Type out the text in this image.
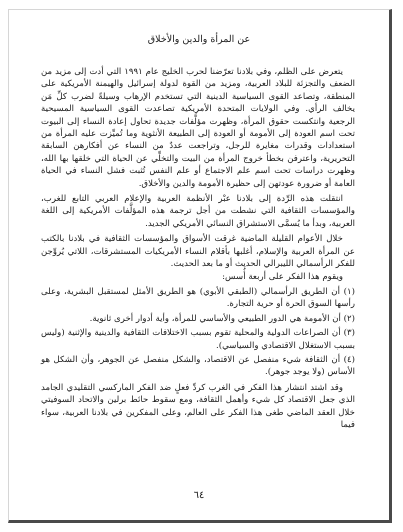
عن المرأة والدين والأخلاق

يتعرض على الظلم، وفي بلادنا تعرّضنا لحرب الخليج عام ١٩٩١ التي أدت إلى مزيد من الضعف والتجزئة للبلاد العربية، ومزيد من القوة لدولة إسرائيل والهيمنة الأمريكية على المنطقة، وتصاعد القوى السياسية الدينية التي تستخدم الإرهاب وسيلةً لضرب كلِّ مَن يخالف الرأي. وفي الولايات المتحدة الأمريكية تصاعدت القوى السياسية المسيحية الرجعية وانتكست حقوق المرأة، وظهرت مؤلَّفات جديدة تحاول إعادة النساء إلى البيوت تحت اسم العودة إلى الأمومة أو العودة إلى الطبيعة الأنثوية وما تُميِّزت عليه المرأة من استعدادات وقدرات مغايرة للرجل، وتراجعت عددٌ من النساء عن أفكارهن السابقة التحريرية، واعترفن بخطأ خروج المرأة من البيت والتخلِّي عن الحياة التي خلقها بها الله، وظهرت دراسات تحت اسم علم الاجتماع أو علم النفس تُثبت فشل النساء في الحياة العامة أو ضرورة عودتهن إلى حظيرة الأمومة والدين والأخلاق.

انتقلت هذه الرِّدة إلى بلادنا عبْر الأنظمة العربية والإعلام العربي التابع للغرب، والمؤسسات الثقافية التي نشطت من أجل ترجمة هذه المؤلَّفات الأمريكية إلى اللغة العربية، وبدأ ما يُسمَّى الاستشراق النسائي الأمريكي الجديد.

خلال الأعوام القليلة الماضية غرقت الأسواق والمؤسسات الثقافية في بلادنا بالكتب عن المرأة العربية والإسلام، أغلبها بأقلام النساء الأمريكيات المستشرقات، اللاتي يُروِّجن للفكر الرأسمالي الليبرالي الحديث أو ما بعد الحديث.

ويقوم هذا الفكر على أربعة أُسس:

(١) أن الطريق الرأسمالي (الطبقي الأبوي) هو الطريق الأمثل لمستقبل البشرية، وعلى رأسها السوق الحرة أو حرية التجارة.
(٢) أن الأمومة هي الدور الطبيعي والأساسي للمرأة، وأية أدوار أخرى ثانوية.
(٣) أن الصراعات الدولية والمحلية تقوم بسبب الاختلافات الثقافية والدينية والإثنية (وليس بسبب الاستغلال الاقتصادي والسياسي).
(٤) أن الثقافة شيء منفصل عن الاقتصاد، والشكل منفصل عن الجوهر، وأن الشكل هو الأساس (ولا يوجد جوهر).

وقد اشتد انتشار هذا الفكر في الغرب كردِّ فعلٍ ضد الفكر الماركسي التقليدي الجامد الذي جعل الاقتصاد كل شيء وأهمل الثقافة، ومع سقوط حائط برلين والاتحاد السوفيتي خلال العقد الماضي طغى هذا الفكر على العالم، وعلى المفكرين في بلادنا العربية، سواء فيما

٦٤
